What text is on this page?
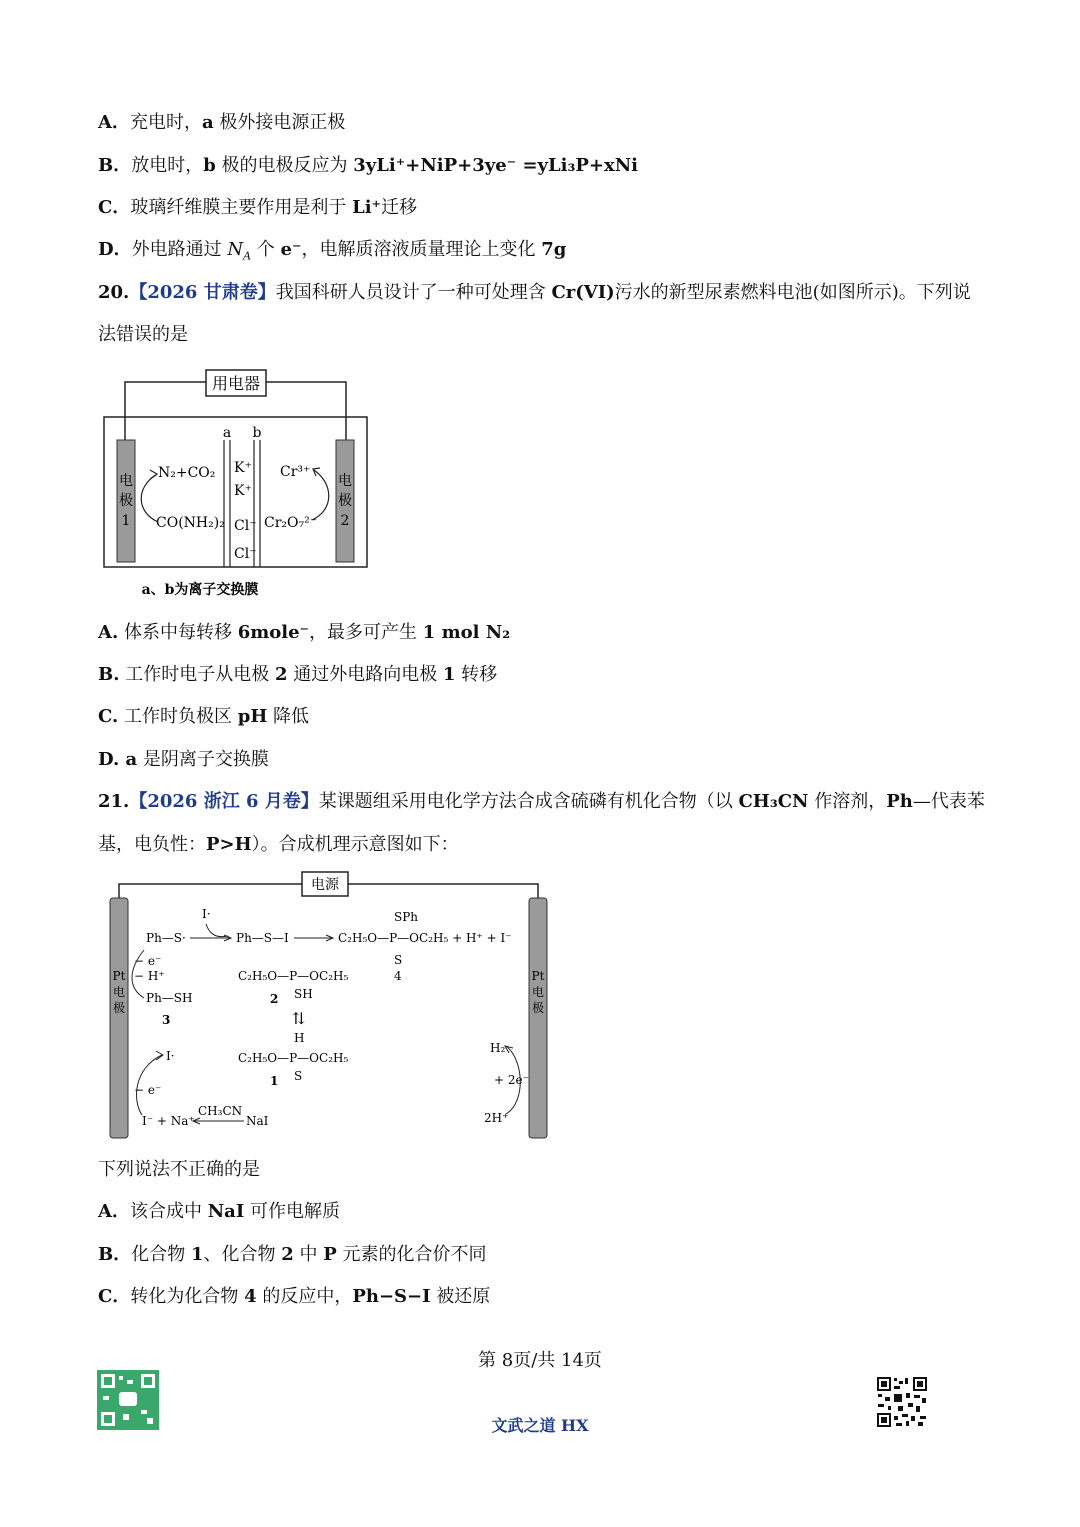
A．充电时，a 极外接电源正极
B．放电时，b 极的电极反应为 3yLi⁺+NiP+3ye⁻ =yLi₃P+xNi
C．玻璃纤维膜主要作用是利于 Li⁺迁移
D．外电路通过 $N_A$ 个 e⁻，电解质溶液质量理论上变化 7g
20.【2026 甘肃卷】我国科研人员设计了一种可处理含 Cr(VI)污水的新型尿素燃料电池(如图所示)。下列说
法错误的是
用电器
电
极
1
电
极
2
a b
N₂+CO₂
CO(NH₂)₂
K⁺
K⁺
Cl⁻
Cl⁻
Cr³⁺
Cr₂O₇²⁻
a、b为离子交换膜
A. 体系中每转移 6mole⁻，最多可产生 1 mol N₂
B. 工作时电子从电极 2 通过外电路向电极 1 转移
C. 工作时负极区 pH 降低
D. a 是阴离子交换膜
21.【2026 浙江 6 月卷】某课题组采用电化学方法合成含硫磷有机化合物（以 CH₃CN 作溶剂，Ph—代表苯
基，电负性：P>H）。合成机理示意图如下：
电源
Pt
电
极
Pt
电
极
I·
Ph—S·	Ph—S—I	C₂H₅O—P—OC₂H₅ + H⁺ + I⁻
SPh
S
4
− e⁻
− H⁺
Ph—SH
3
C₂H₅O—P—OC₂H₅
SH
2
⇅
H
C₂H₅O—P—OC₂H₅
S
1
I·
− e⁻
I⁻ + Na⁺
CH₃CN
NaI
H₂
+ 2e⁻
2H⁺
下列说法不正确的是
A．该合成中 NaI 可作电解质
B．化合物 1、化合物 2 中 P 元素的化合价不同
C．转化为化合物 4 的反应中，Ph−S−I 被还原
第 8页/共 14页
文武之道 HX
